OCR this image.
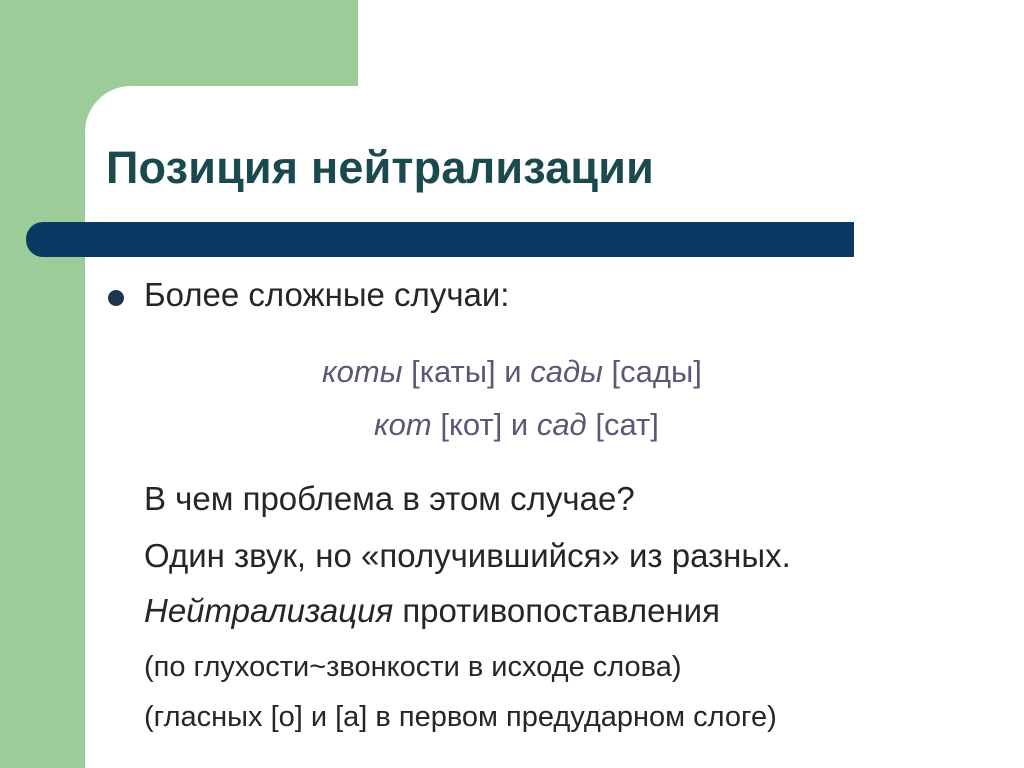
Позиция нейтрализации
Более сложные случаи:
коты [каты] и сады [сады]
кот [кот] и сад [сат]
В чем проблема в этом случае?
Один звук, но «получившийся» из разных.
Нейтрализация противопоставления
(по глухости~звонкости в исходе слова)
(гласных [о] и [а] в первом предударном слоге)
